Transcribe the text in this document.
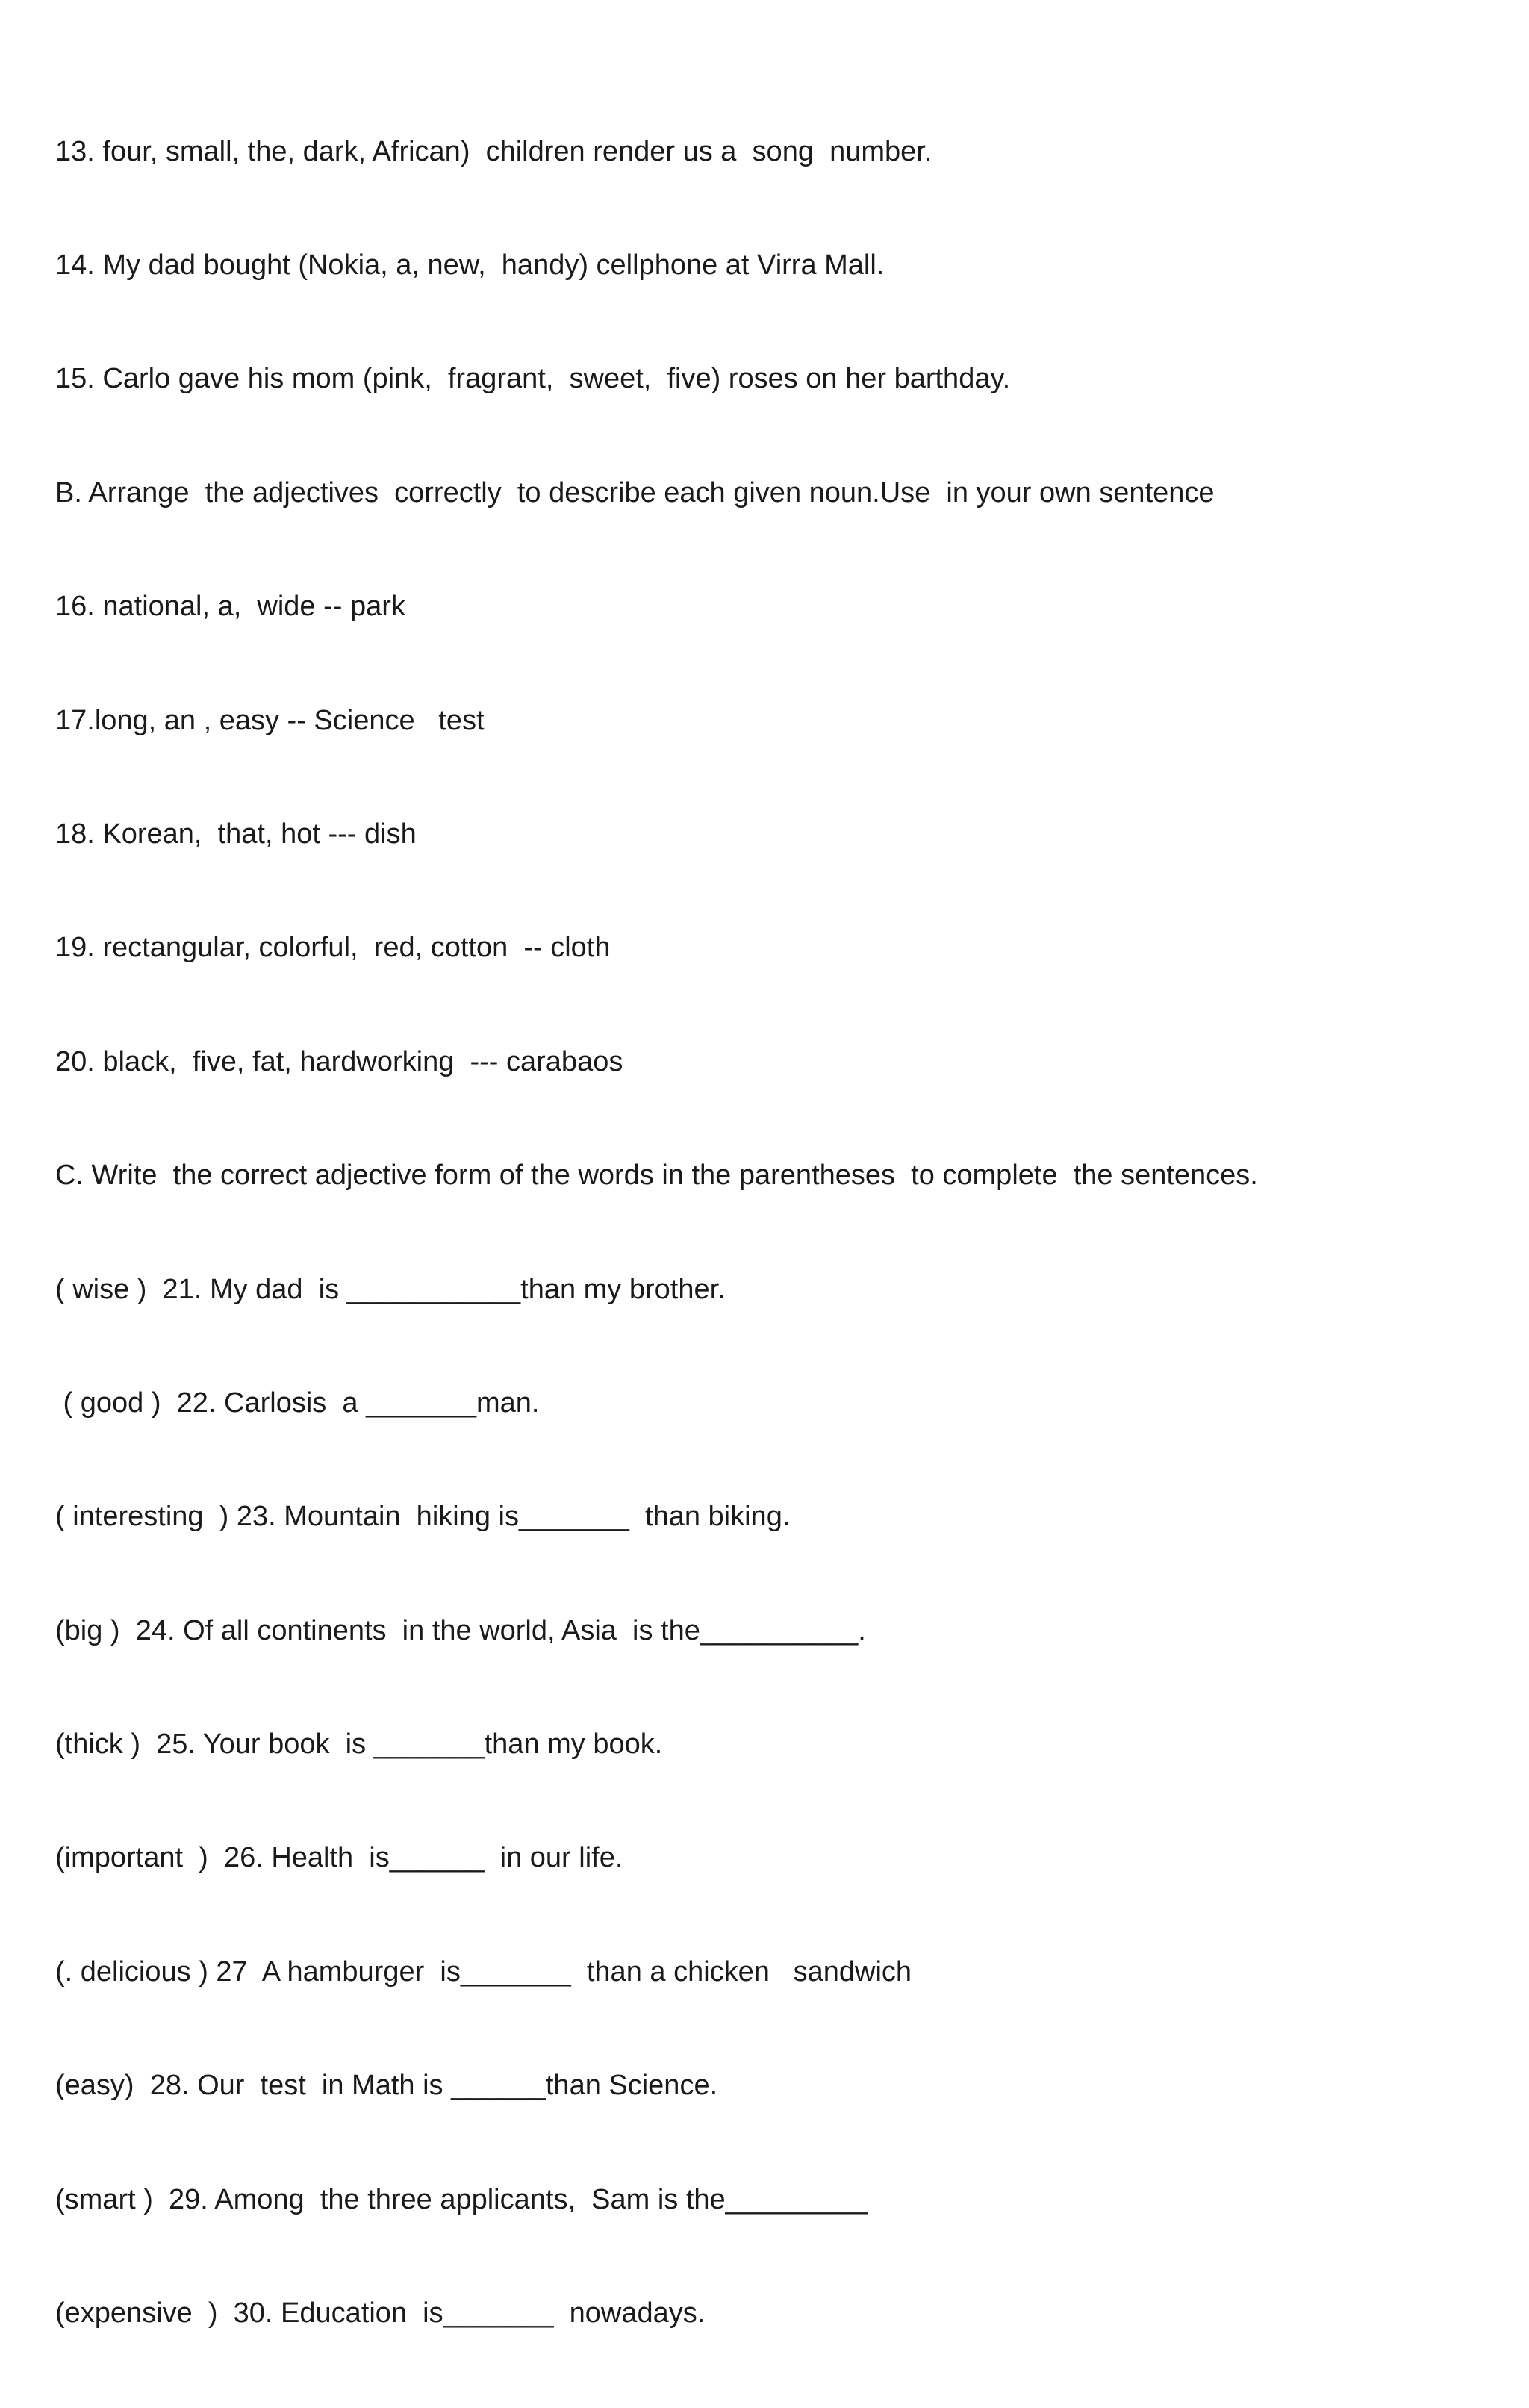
13. four, small, the, dark, African)  children render us a  song  number.

14. My dad bought (Nokia, a, new,  handy) cellphone at Virra Mall.

15. Carlo gave his mom (pink,  fragrant,  sweet,  five) roses on her barthday.

B. Arrange  the adjectives  correctly  to describe each given noun.Use  in your own sentence

16. national, a,  wide -- park

17.long, an , easy -- Science   test

18. Korean,  that, hot --- dish

19. rectangular, colorful,  red, cotton  -- cloth

20. black,  five, fat, hardworking  --- carabaos

C. Write  the correct adjective form of the words in the parentheses  to complete  the sentences.

( wise )  21. My dad  is ___________than my brother.

( good )  22. Carlosis  a _______man.

( interesting  ) 23. Mountain  hiking is_______  than biking.

(big )  24. Of all continents  in the world, Asia  is the__________.

(thick )  25. Your book  is _______than my book.

(important  )  26. Health  is______  in our life.

(. delicious ) 27  A hamburger  is_______  than a chicken   sandwich

(easy)  28. Our  test  in Math is ______than Science.

(smart )  29. Among  the three applicants,  Sam is the_________

(expensive  )  30. Education  is_______  nowadays.
